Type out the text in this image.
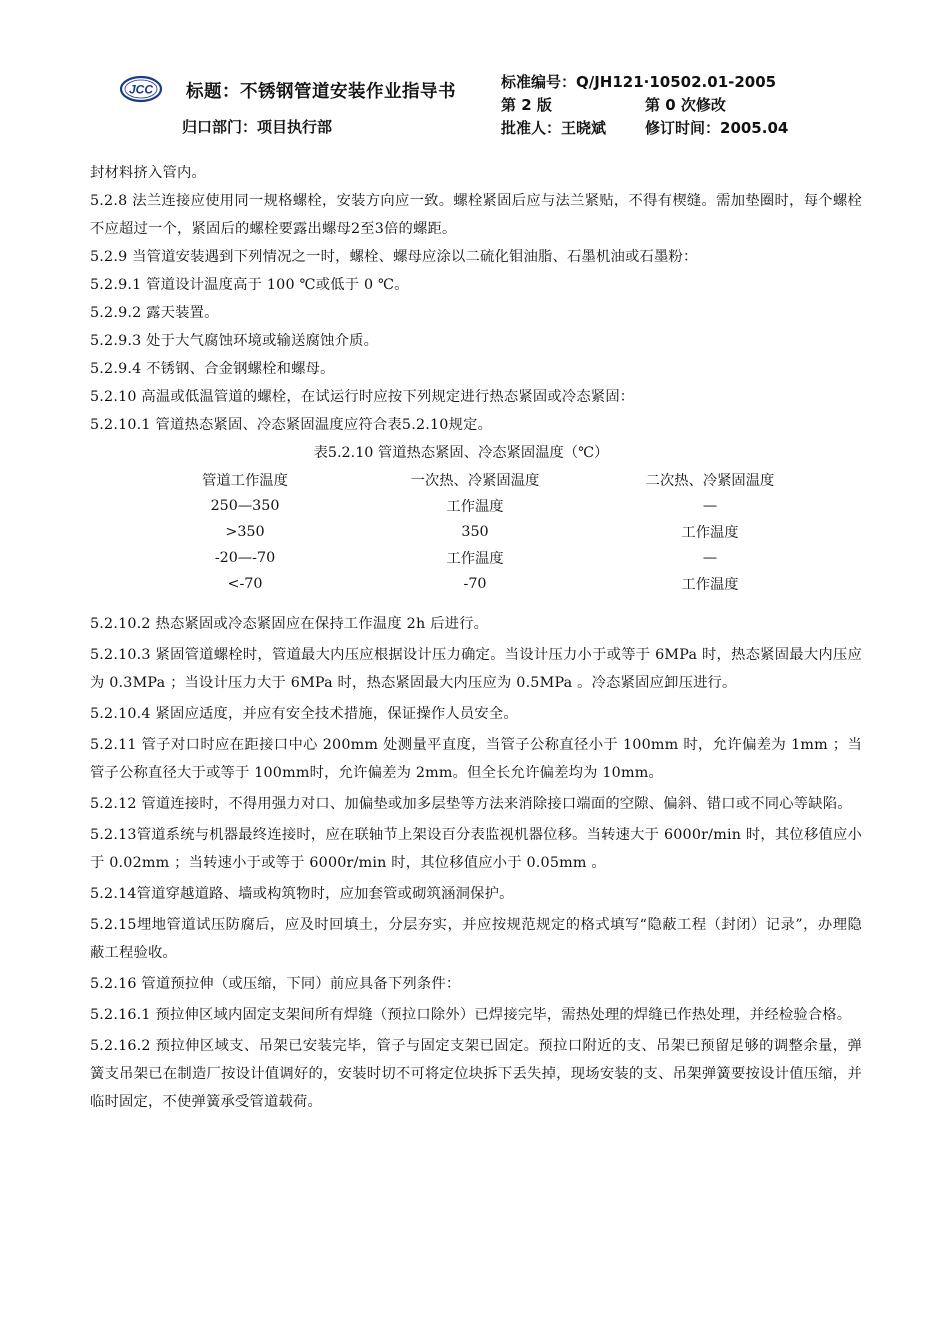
JCC 标题：不锈钢管道安装作业指导书
归口部门：项目执行部
标准编号：Q/JH121·10502.01-2005
第 2 版	第 0 次修改
批准人：王晓斌	修订时间：2005.04

封材料挤入管内。

5.2.8 法兰连接应使用同一规格螺栓，安装方向应一致。螺栓紧固后应与法兰紧贴，不得有楔缝。需加垫圈时，每个螺栓不应超过一个，紧固后的螺栓要露出螺母2至3倍的螺距。

5.2.9 当管道安装遇到下列情况之一时，螺栓、螺母应涂以二硫化钼油脂、石墨机油或石墨粉：

5.2.9.1 管道设计温度高于 100 ℃或低于 0 ℃。

5.2.9.2 露天装置。

5.2.9.3 处于大气腐蚀环境或输送腐蚀介质。

5.2.9.4 不锈钢、合金钢螺栓和螺母。

5.2.10 高温或低温管道的螺栓，在试运行时应按下列规定进行热态紧固或冷态紧固：

5.2.10.1 管道热态紧固、冷态紧固温度应符合表5.2.10规定。

表5.2.10 管道热态紧固、冷态紧固温度（℃）

管道工作温度	一次热、冷紧固温度	二次热、冷紧固温度
250—350	工作温度	—
>350	350	工作温度
-20—-70	工作温度	—
<-70	-70	工作温度

5.2.10.2 热态紧固或冷态紧固应在保持工作温度 2h 后进行。

5.2.10.3 紧固管道螺栓时，管道最大内压应根据设计压力确定。当设计压力小于或等于 6MPa 时，热态紧固最大内压应为 0.3MPa ；当设计压力大于 6MPa 时，热态紧固最大内压应为 0.5MPa 。冷态紧固应卸压进行。

5.2.10.4 紧固应适度，并应有安全技术措施，保证操作人员安全。

5.2.11 管子对口时应在距接口中心 200mm 处测量平直度，当管子公称直径小于 100mm 时，允许偏差为 1mm ；当管子公称直径大于或等于 100mm时，允许偏差为 2mm。但全长允许偏差均为 10mm。

5.2.12 管道连接时，不得用强力对口、加偏垫或加多层垫等方法来消除接口端面的空隙、偏斜、错口或不同心等缺陷。

5.2.13管道系统与机器最终连接时，应在联轴节上架设百分表监视机器位移。当转速大于 6000r/min 时，其位移值应小于 0.02mm ；当转速小于或等于 6000r/min 时，其位移值应小于 0.05mm 。

5.2.14管道穿越道路、墙或构筑物时，应加套管或砌筑涵洞保护。

5.2.15埋地管道试压防腐后，应及时回填土，分层夯实，并应按规范规定的格式填写“隐蔽工程（封闭）记录”，办理隐蔽工程验收。

5.2.16 管道预拉伸（或压缩，下同）前应具备下列条件：

5.2.16.1 预拉伸区域内固定支架间所有焊缝（预拉口除外）已焊接完毕，需热处理的焊缝已作热处理，并经检验合格。

5.2.16.2 预拉伸区域支、吊架已安装完毕，管子与固定支架已固定。预拉口附近的支、吊架已预留足够的调整余量，弹簧支吊架已在制造厂按设计值调好的，安装时切不可将定位块拆下丢失掉，现场安装的支、吊架弹簧要按设计值压缩，并临时固定，不使弹簧承受管道载荷。
